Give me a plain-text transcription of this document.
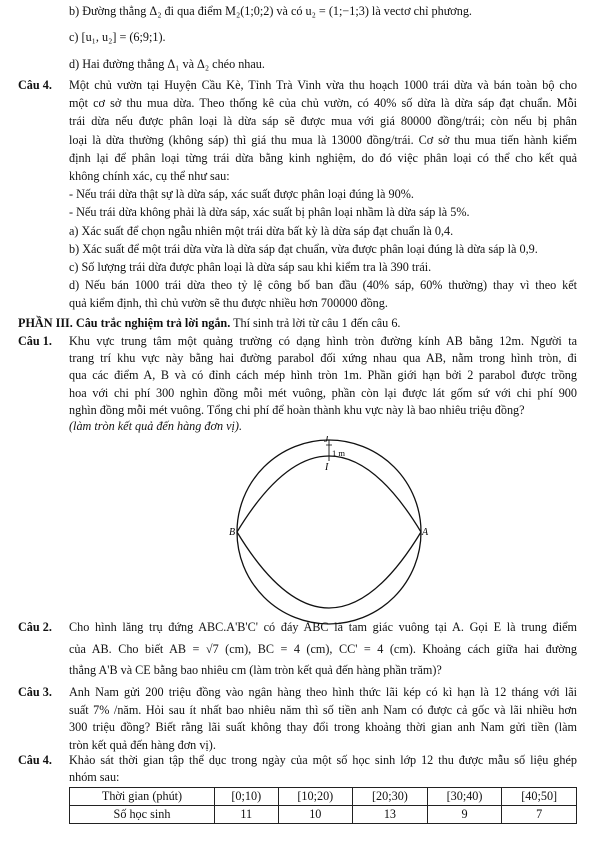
b) Đường thẳng Δ₂ đi qua điểm M₂(1;0;2) và có u₂ = (1;−1;3) là vectơ chỉ phương.
c) [u₁, u₂] = (6;9;1).
d) Hai đường thẳng Δ₁ và Δ₂ chéo nhau.
Câu 4. Một chủ vườn tại Huyện Cầu Kè, Tỉnh Trà Vinh vừa thu hoạch 1000 trái dừa và bán toàn bộ cho
một cơ sở thu mua dừa. Theo thống kê của chủ vườn, có 40% số dừa là dừa sáp đạt chuẩn. Mỗi
trái dừa nếu được phân loại là dừa sáp sẽ được mua với giá 80000 đồng/trái; còn nếu bị phân
loại là dừa thường (không sáp) thì giá thu mua là 13000 đồng/trái. Cơ sở thu mua tiến hành kiểm
định lại để phân loại từng trái dừa bằng kinh nghiệm, do đó việc phân loại có thể cho kết quả
không chính xác, cụ thể như sau:
- Nếu trái dừa thật sự là dừa sáp, xác suất được phân loại đúng là 90%.
- Nếu trái dừa không phải là dừa sáp, xác suất bị phân loại nhầm là dừa sáp là 5%.
a) Xác suất để chọn ngẫu nhiên một trái dừa bất kỳ là dừa sáp đạt chuẩn là 0,4.
b) Xác suất để một trái dừa vừa là dừa sáp đạt chuẩn, vừa được phân loại đúng là dừa sáp là 0,9.
c) Số lượng trái dừa được phân loại là dừa sáp sau khi kiểm tra là 390 trái.
d) Nếu bán 1000 trái dừa theo tỷ lệ công bố ban đầu (40% sáp, 60% thường) thay vì theo kết
quả kiểm định, thì chủ vườn sẽ thu được nhiều hơn 700000 đồng.
PHẦN III. Câu trắc nghiệm trả lời ngắn. Thí sinh trả lời từ câu 1 đến câu 6.
Câu 1. Khu vực trung tâm một quảng trường có dạng hình tròn đường kính AB bằng 12m. Người ta
trang trí khu vực này bằng hai đường parabol đối xứng nhau qua AB, nằm trong hình tròn, đi
qua các điểm A, B và có đỉnh cách mép hình tròn 1m. Phần giới hạn bởi 2 parabol được trồng
hoa với chi phí 300 nghìn đồng mỗi mét vuông, phần còn lại được lát gốm sứ với chi phí 900
nghìn đồng mỗi mét vuông. Tổng chi phí để hoàn thành khu vực này là bao nhiêu triệu đồng?
(làm tròn kết quả đến hàng đơn vị).
J
1 m
I
B	A
Câu 2. Cho hình lăng trụ đứng ABC.A'B'C' có đáy ABC là tam giác vuông tại A. Gọi E là trung điểm
của AB. Cho biết AB = √7 (cm), BC = 4 (cm), CC' = 4 (cm). Khoảng cách giữa hai đường
thẳng A'B và CE bằng bao nhiêu cm (làm tròn kết quả đến hàng phần trăm)?
Câu 3. Anh Nam gửi 200 triệu đồng vào ngân hàng theo hình thức lãi kép có kì hạn là 12 tháng với lãi
suất 7% /năm. Hỏi sau ít nhất bao nhiêu năm thì số tiền anh Nam có được cả gốc và lãi nhiều hơn
300 triệu đồng? Biết rằng lãi suất không thay đổi trong khoảng thời gian anh Nam gửi tiền (làm
tròn kết quả đến hàng đơn vị).
Câu 4. Khảo sát thời gian tập thể dục trong ngày của một số học sinh lớp 12 thu được mẫu số liệu ghép
nhóm sau:
Thời gian (phút)	[0;10)	[10;20)	[20;30)	[30;40)	[40;50]
Số học sinh	11	10	13	9	7
